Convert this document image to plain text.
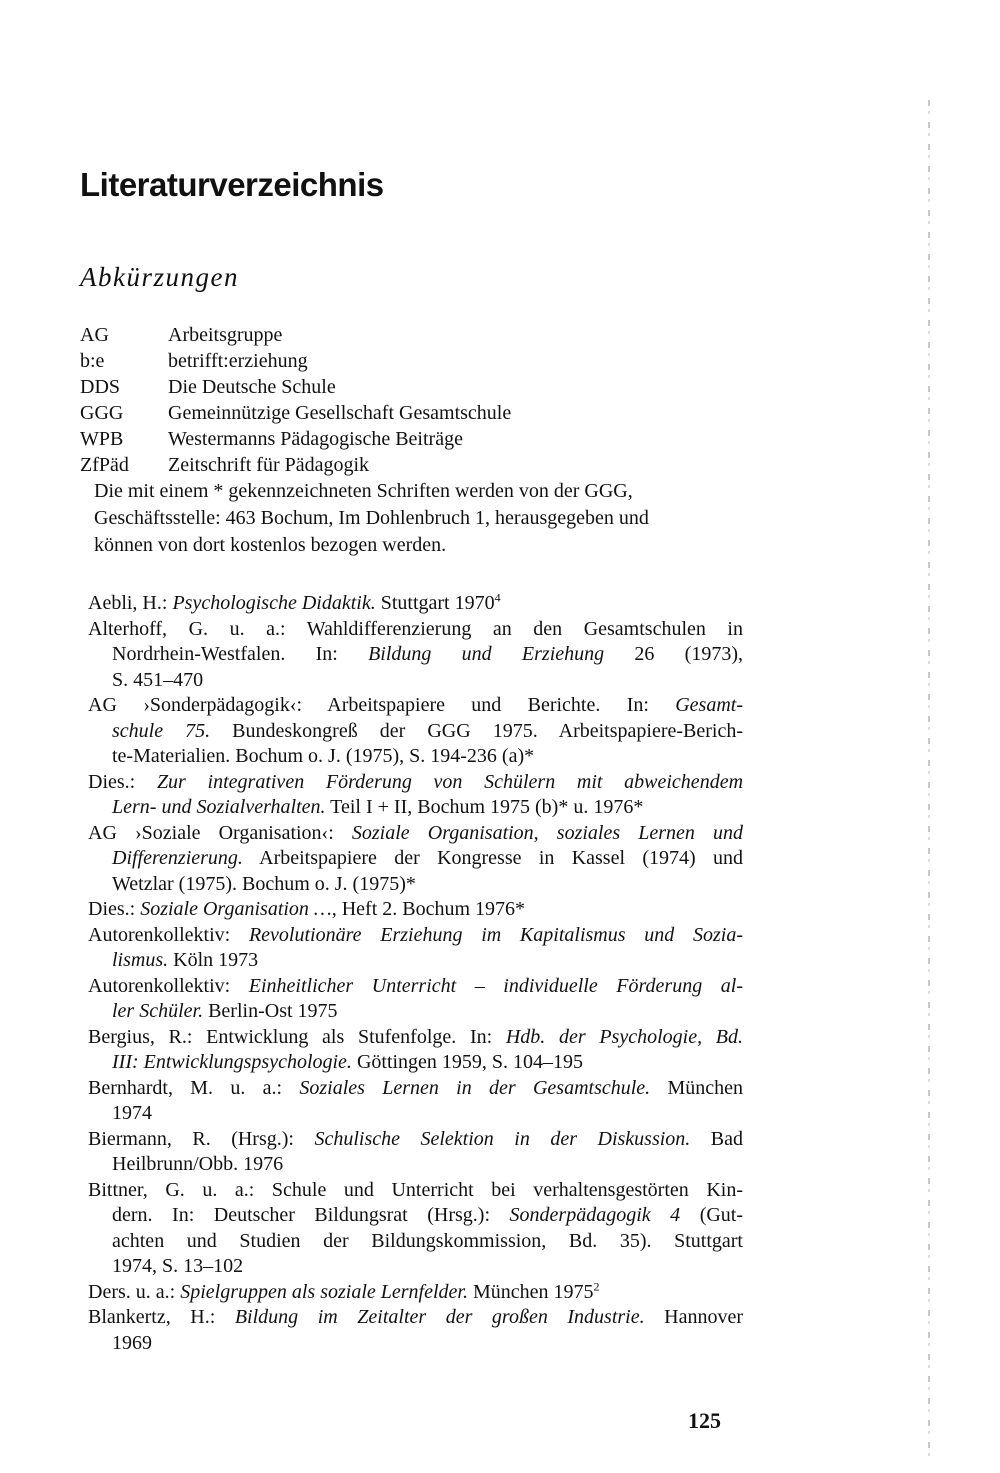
Literaturverzeichnis
Abkürzungen
AG	Arbeitsgruppe
b:e	betrifft:erziehung
DDS Die Deutsche Schule
GGG Gemeinnützige Gesellschaft Gesamtschule
WPB Westermanns Pädagogische Beiträge
ZfPäd Zeitschrift für Pädagogik
Die mit einem * gekennzeichneten Schriften werden von der GGG,
Geschäftsstelle: 463 Bochum, Im Dohlenbruch 1, herausgegeben und
können von dort kostenlos bezogen werden.
Aebli, H.: Psychologische Didaktik. Stuttgart 1970$^4$
Alterhoff, G. u. a.: Wahldifferenzierung an den Gesamtschulen in
Nordrhein-Westfalen. In: Bildung und Erziehung 26 (1973),
S. 451–470
AG ›Sonderpädagogik‹: Arbeitspapiere und Berichte. In: Gesamt-
schule 75. Bundeskongreß der GGG 1975. Arbeitspapiere-Berich-
te-Materialien. Bochum o. J. (1975), S. 194-236 (a)*
Dies.: Zur integrativen Förderung von Schülern mit abweichendem
Lern- und Sozialverhalten. Teil I + II, Bochum 1975 (b)* u. 1976*
AG ›Soziale Organisation‹: Soziale Organisation, soziales Lernen und
Differenzierung. Arbeitspapiere der Kongresse in Kassel (1974) und
Wetzlar (1975). Bochum o. J. (1975)*
Dies.: Soziale Organisation …, Heft 2. Bochum 1976*
Autorenkollektiv: Revolutionäre Erziehung im Kapitalismus und Sozia-
lismus. Köln 1973
Autorenkollektiv: Einheitlicher Unterricht – individuelle Förderung al-
ler Schüler. Berlin-Ost 1975
Bergius, R.: Entwicklung als Stufenfolge. In: Hdb. der Psychologie, Bd.
III: Entwicklungspsychologie. Göttingen 1959, S. 104–195
Bernhardt, M. u. a.: Soziales Lernen in der Gesamtschule. München
1974
Biermann, R. (Hrsg.): Schulische Selektion in der Diskussion. Bad
Heilbrunn/Obb. 1976
Bittner, G. u. a.: Schule und Unterricht bei verhaltensgestörten Kin-
dern. In: Deutscher Bildungsrat (Hrsg.): Sonderpädagogik 4 (Gut-
achten und Studien der Bildungskommission, Bd. 35). Stuttgart
1974, S. 13–102
Ders. u. a.: Spielgruppen als soziale Lernfelder. München 1975$^2$
Blankertz, H.: Bildung im Zeitalter der großen Industrie. Hannover
1969
125
